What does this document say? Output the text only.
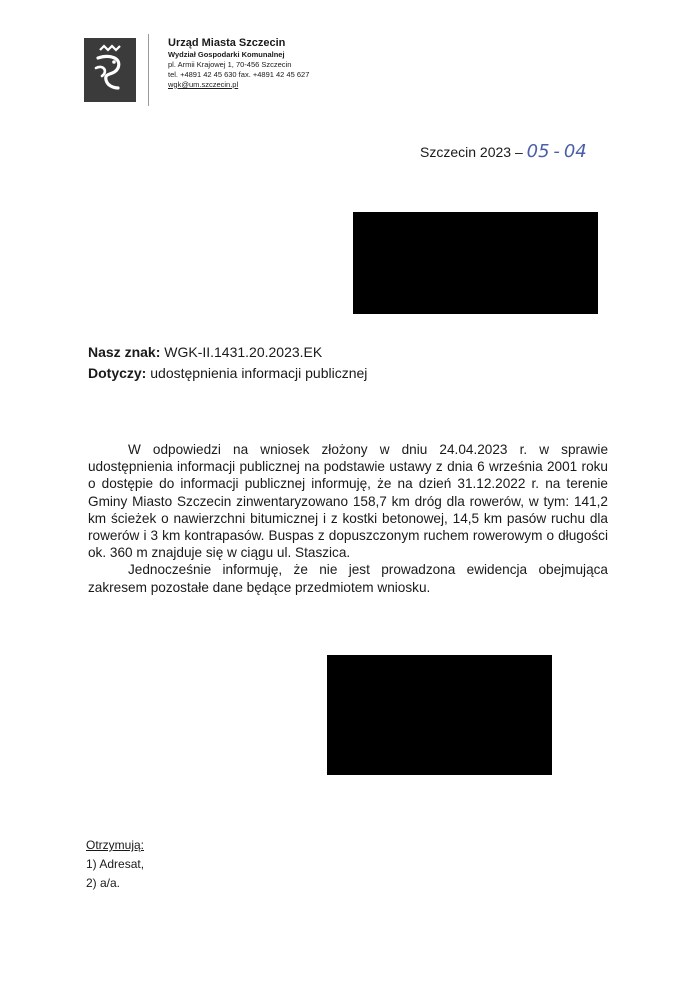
Urząd Miasta Szczecin
Wydział Gospodarki Komunalnej
pl. Armii Krajowej 1, 70-456 Szczecin
tel. +4891 42 45 630 fax. +4891 42 45 627
wgk@um.szczecin.pl
Szczecin 2023 – 05 - 04
Nasz znak: WGK-II.1431.20.2023.EK
Dotyczy: udostępnienia informacji publicznej

W odpowiedzi na wniosek złożony w dniu 24.04.2023 r. w sprawie udostępnienia informacji publicznej na podstawie ustawy z dnia 6 września 2001 roku o dostępie do informacji publicznej informuję, że na dzień 31.12.2022 r. na terenie Gminy Miasto Szczecin zinwentaryzowano 158,7 km dróg dla rowerów, w tym: 141,2 km ścieżek o nawierzchni bitumicznej i z kostki betonowej, 14,5 km pasów ruchu dla rowerów i 3 km kontrapasów. Buspas z dopuszczonym ruchem rowerowym o długości ok. 360 m znajduje się w ciągu ul. Staszica.

Jednocześnie informuję, że nie jest prowadzona ewidencja obejmująca zakresem pozostałe dane będące przedmiotem wniosku.

Otrzymują:
1) Adresat,
2) a/a.
